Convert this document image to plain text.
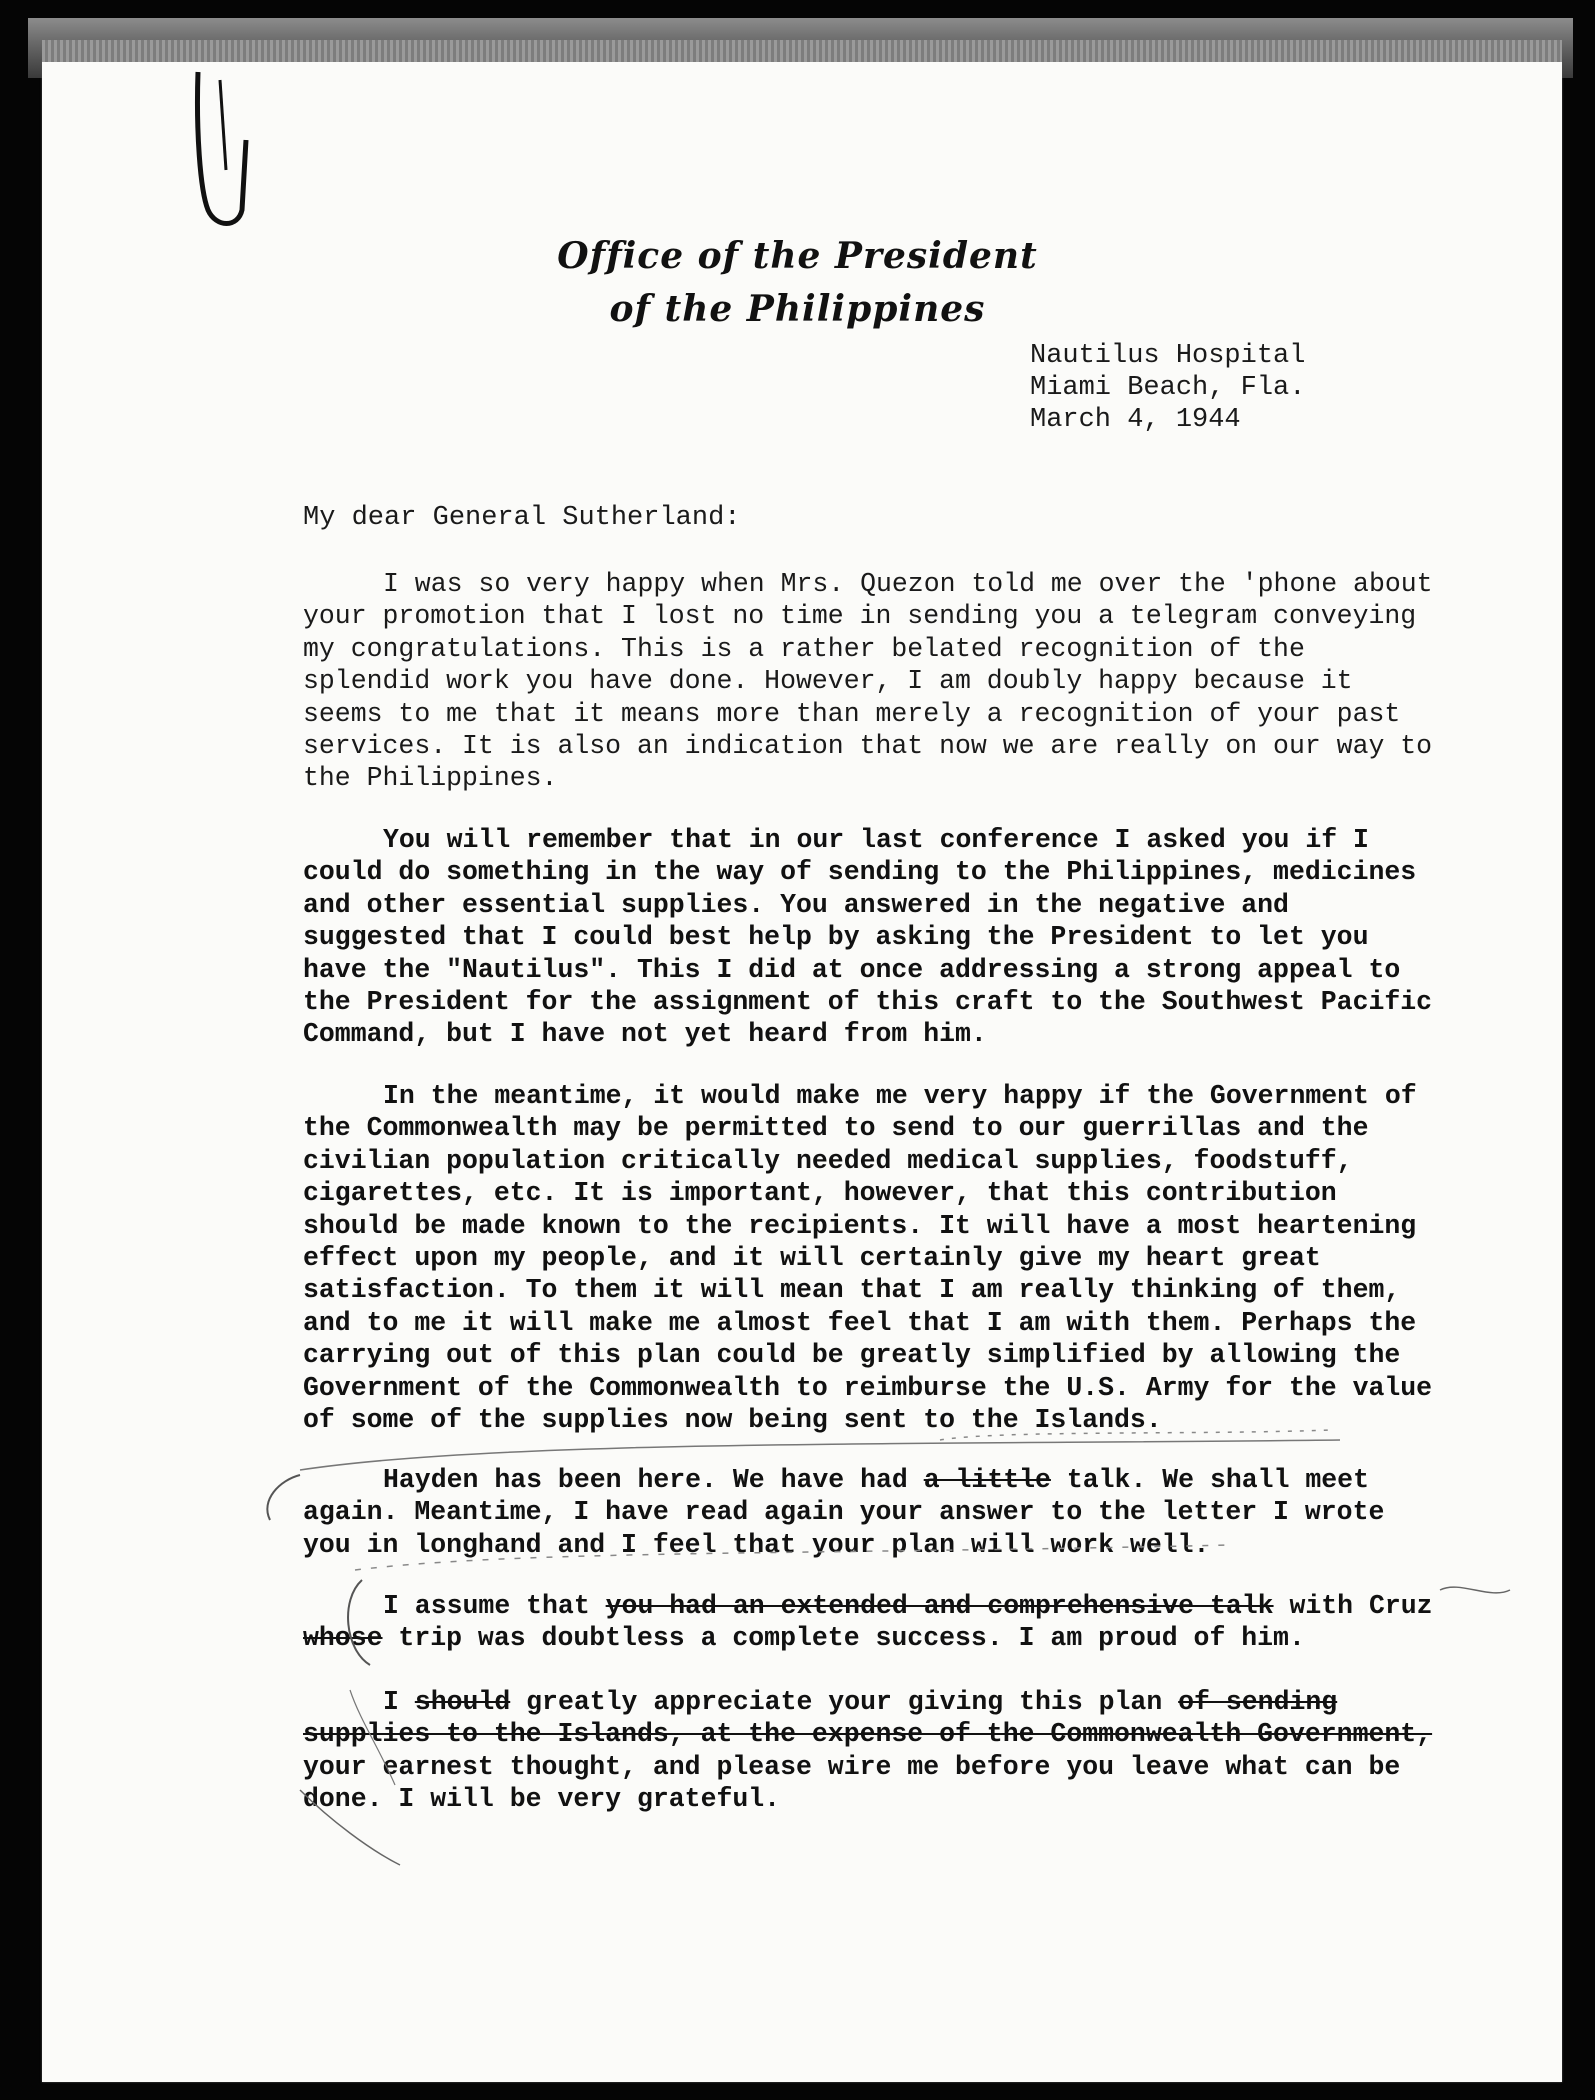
Office of the President
of the Philippines
Nautilus Hospital
Miami Beach, Fla.
March 4, 1944
My dear General Sutherland:

I was so very happy when Mrs. Quezon told me over the 'phone about your promotion that I lost no time in sending you a telegram conveying my congratulations. This is a rather belated recognition of the splendid work you have done. However, I am doubly happy because it seems to me that it means more than merely a recognition of your past services. It is also an indication that now we are really on our way to the Philippines.

You will remember that in our last conference I asked you if I could do something in the way of sending to the Philippines, medicines and other essential supplies. You answered in the negative and suggested that I could best help by asking the President to let you have the "Nautilus". This I did at once addressing a strong appeal to the President for the assignment of this craft to the Southwest Pacific Command, but I have not yet heard from him.

In the meantime, it would make me very happy if the Government of the Commonwealth may be permitted to send to our guerrillas and the civilian population critically needed medical supplies, foodstuff, cigarettes, etc. It is important, however, that this contribution should be made known to the recipients. It will have a most heartening effect upon my people, and it will certainly give my heart great satisfaction. To them it will mean that I am really thinking of them, and to me it will make me almost feel that I am with them. Perhaps the carrying out of this plan could be greatly simplified by allowing the Government of the Commonwealth to reimburse the U.S. Army for the value of some of the supplies now being sent to the Islands.

Hayden has been here. We have had a little talk. We shall meet again. Meantime, I have read again your answer to the letter I wrote you in longhand and I feel that your plan will work well.

I assume that you had an extended and comprehensive talk with Cruz whose trip was doubtless a complete success. I am proud of him.

I should greatly appreciate your giving this plan of sending supplies to the Islands, at the expense of the Commonwealth Government, your earnest thought, and please wire me before you leave what can be done. I will be very grateful.
